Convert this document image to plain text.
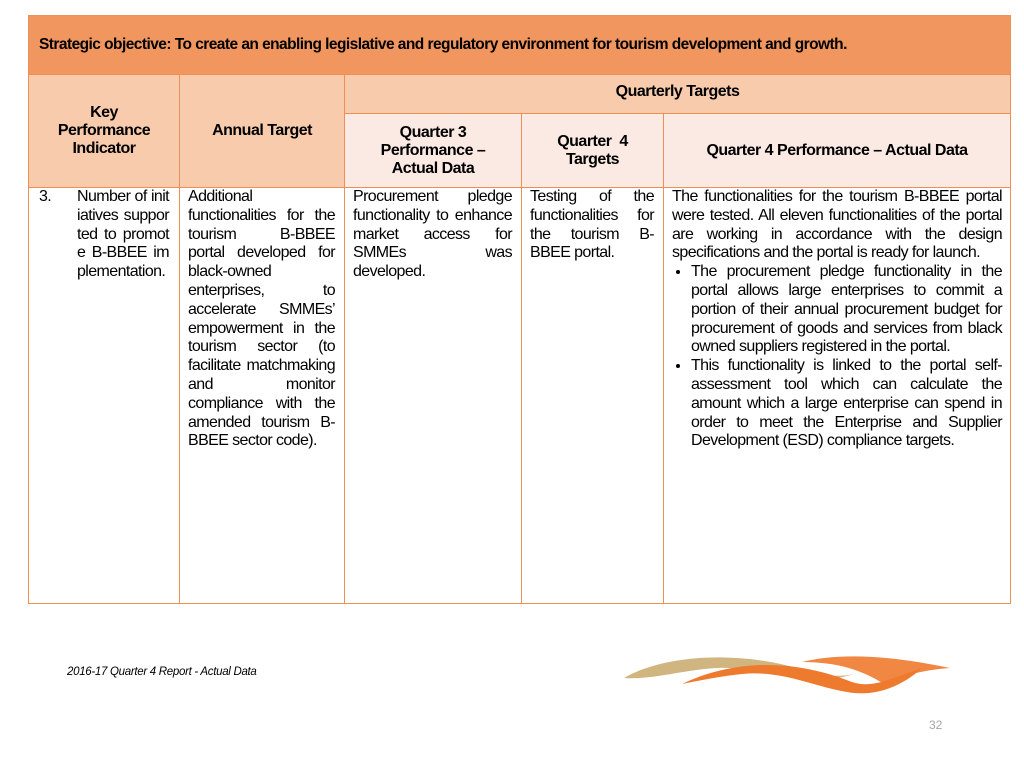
Strategic objective: To create an enabling legislative and regulatory environment for tourism development and growth.
Key Performance Indicator
Annual Target
Quarterly Targets
Quarter 3 Performance – Actual Data
Quarter  4 Targets
Quarter 4 Performance – Actual Data
3.	Number of initiatives supported to promote B-BBEE implementation.
Additional functionalities for the tourism B-BBEE portal developed for black-owned enterprises, to accelerate SMMEs’ empowerment in the tourism sector (to facilitate matchmaking and monitor compliance with the amended tourism B-BBEE sector code).
Procurement pledge functionality to enhance market access for SMMEs was developed.
Testing of the functionalities for the tourism B-BBEE portal.
The functionalities for the tourism B-BBEE portal were tested. All eleven functionalities of the portal are working in accordance with the design specifications and the portal is ready for launch.
• The procurement pledge functionality in the portal allows large enterprises to commit a portion of their annual procurement budget for procurement of goods and services from black owned suppliers registered in the portal.
• This functionality is linked to the portal self-assessment tool which can calculate the amount which a large enterprise can spend in order to meet the Enterprise and Supplier Development (ESD) compliance targets.
2016-17 Quarter 4 Report - Actual Data
32
